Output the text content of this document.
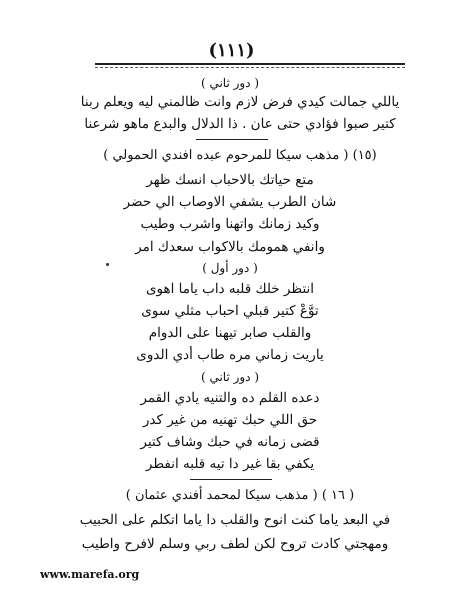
(١١١)
( دور ثاني )
ياللي جمالت كيدي فرض لازم وانت ظالمني ليه ويعلم ربنا
كتير صبوا فؤادي حتى عان . ذا الدلال والبدع ماهو شرعنا
(١٥) ( مذهب سيكا للمرحوم عبده افندي الحمولي )
متع حياتك بالاحباب انسك ظهر
شان الطرب يشفي الاوصاب الي حضر
وكيد زمانك واتهنا واشرب وطيب
وانفي همومك بالاكواب سعدك امر
( دور أول )
انتظر خلك قلبه داب ياما اهوى
توَّعْ كتير قبلي احباب مثلي سوى
والقلب صابر تيهنا على الدوام
ياريت زماني مره طاب أدي الدوى
( دور ثاني )
دعده القلم ده والتنيه يادي القمر
حق اللي حبك تهنيه من غير كدر
قضى زمانه في حبك وشاف كتير
يكفي بقا غير دا تيه قلبه انفطر
( ١٦ ) ( مذهب سيكا لمحمد أفندي عثمان )
في البعد ياما كنت انوح والقلب دا ياما اتكلم على الحبيب
ومهجتي كادت تروح لكن لطف ربي وسلم لافرح واطيب
www.marefa.org
